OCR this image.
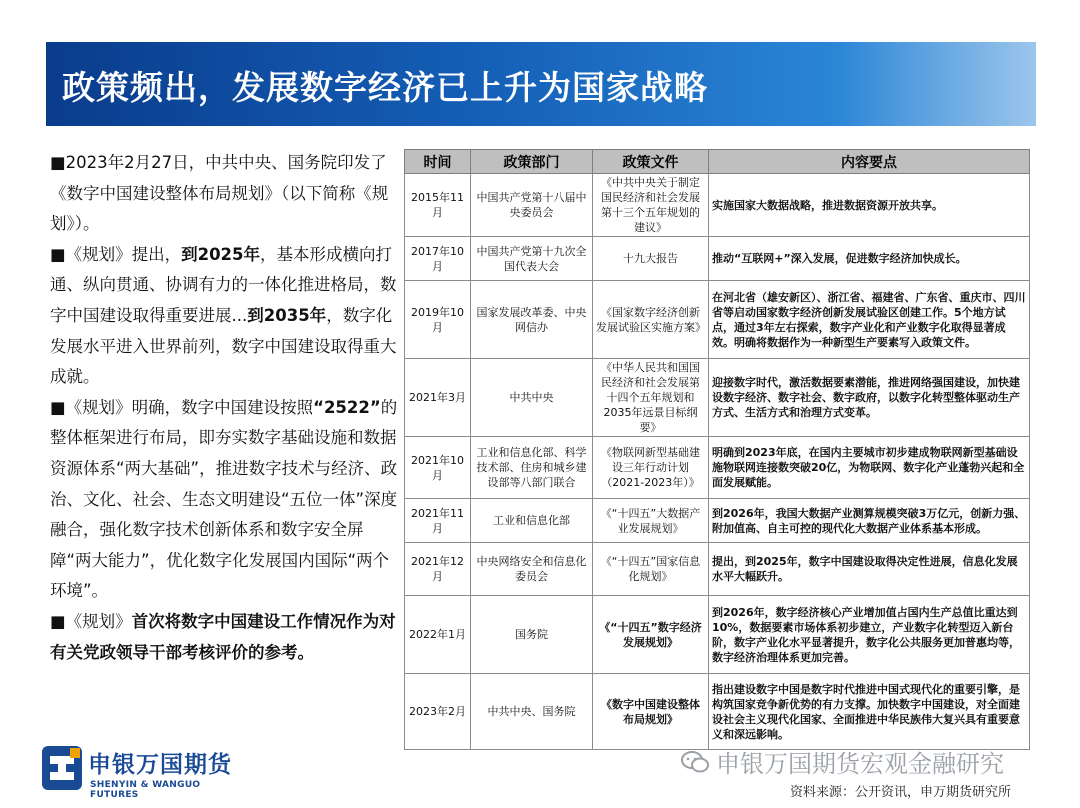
政策频出，发展数字经济已上升为国家战略

■2023年2月27日，中共中央、国务院印发了《数字中国建设整体布局规划》（以下简称《规划》）。

■《规划》提出，到2025年，基本形成横向打通、纵向贯通、协调有力的一体化推进格局，数字中国建设取得重要进展...到2035年，数字化发展水平进入世界前列，数字中国建设取得重大成就。

■《规划》明确，数字中国建设按照“2522”的整体框架进行布局，即夯实数字基础设施和数据资源体系“两大基础”，推进数字技术与经济、政治、文化、社会、生态文明建设“五位一体”深度融合，强化数字技术创新体系和数字安全屏障“两大能力”，优化数字化发展国内国际“两个环境”。

■《规划》首次将数字中国建设工作情况作为对有关党政领导干部考核评价的参考。

时间	政策部门	政策文件	内容要点
2015年11月	中国共产党第十八届中央委员会	《中共中央关于制定国民经济和社会发展第十三个五年规划的建议》	实施国家大数据战略，推进数据资源开放共享。
2017年10月	中国共产党第十九次全国代表大会	十九大报告	推动“互联网+”深入发展，促进数字经济加快成长。
2019年10月	国家发展改革委、中央网信办	《国家数字经济创新发展试验区实施方案》	在河北省（雄安新区）、浙江省、福建省、广东省、重庆市、四川省等启动国家数字经济创新发展试验区创建工作。5个地方试点，通过3年左右探索，数字产业化和产业数字化取得显著成效。明确将数据作为一种新型生产要素写入政策文件。
2021年3月	中共中央	《中华人民共和国国民经济和社会发展第十四个五年规划和2035年远景目标纲要》	迎接数字时代，激活数据要素潜能，推进网络强国建设，加快建设数字经济、数字社会、数字政府，以数字化转型整体驱动生产方式、生活方式和治理方式变革。
2021年10月	工业和信息化部、科学技术部、住房和城乡建设部等八部门联合	《物联网新型基础建设三年行动计划（2021-2023年）》	明确到2023年底，在国内主要城市初步建成物联网新型基础设施物联网连接数突破20亿，为物联网、数字化产业蓬勃兴起和全面发展赋能。
2021年11月	工业和信息化部	《“十四五”大数据产业发展规划》	到2026年，我国大数据产业测算规模突破3万亿元，创新力强、附加值高、自主可控的现代化大数据产业体系基本形成。
2021年12月	中央网络安全和信息化委员会	《“十四五”国家信息化规划》	提出，到2025年，数字中国建设取得决定性进展，信息化发展水平大幅跃升。
2022年1月	国务院	《“十四五”数字经济发展规划》	到2026年，数字经济核心产业增加值占国内生产总值比重达到10%，数据要素市场体系初步建立，产业数字化转型迈入新台阶，数字产业化水平显著提升，数字化公共服务更加普惠均等，数字经济治理体系更加完善。
2023年2月	中共中央、国务院	《数字中国建设整体布局规划》	指出建设数字中国是数字时代推进中国式现代化的重要引擎，是构筑国家竞争新优势的有力支撑。加快数字中国建设，对全面建设社会主义现代化国家、全面推进中华民族伟大复兴具有重要意义和深远影响。
申银万国期货
SHENYIN & WANGUO FUTURES
申银万国期货宏观金融研究
资料来源：公开资讯，申万期货研究所
